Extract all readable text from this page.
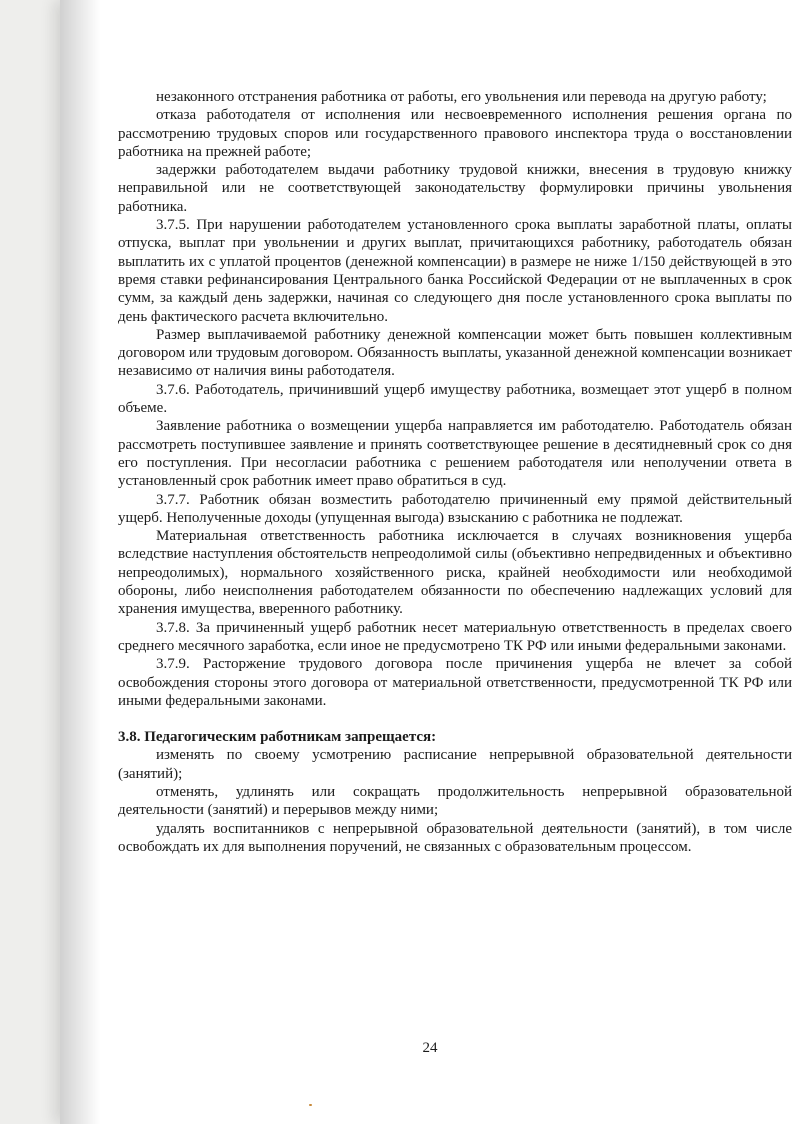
незаконного отстранения работника от работы, его увольнения или перевода на другую работу;

отказа работодателя от исполнения или несвоевременного исполнения решения органа по рассмотрению трудовых споров или государственного правового инспектора труда о восстановлении работника на прежней работе;

задержки работодателем выдачи работнику трудовой книжки, внесения в трудовую книжку неправильной или не соответствующей законодательству формулировки причины увольнения работника.

3.7.5. При нарушении работодателем установленного срока выплаты заработной платы, оплаты отпуска, выплат при увольнении и других выплат, причитающихся работнику, работодатель обязан выплатить их с уплатой процентов (денежной компенсации) в размере не ниже 1/150 действующей в это время ставки рефинансирования Центрального банка Российской Федерации от не выплаченных в срок сумм, за каждый день задержки, начиная со следующего дня после установленного срока выплаты по день фактического расчета включительно.

Размер выплачиваемой работнику денежной компенсации может быть повышен коллективным договором или трудовым договором. Обязанность выплаты, указанной денежной компенсации возникает независимо от наличия вины работодателя.

3.7.6. Работодатель, причинивший ущерб имуществу работника, возмещает этот ущерб в полном объеме.

Заявление работника о возмещении ущерба направляется им работодателю. Работодатель обязан рассмотреть поступившее заявление и принять соответствующее решение в десятидневный срок со дня его поступления. При несогласии работника с решением работодателя или неполучении ответа в установленный срок работник имеет право обратиться в суд.

3.7.7. Работник обязан возместить работодателю причиненный ему прямой действительный ущерб. Неполученные доходы (упущенная выгода) взысканию с работника не подлежат.

Материальная ответственность работника исключается в случаях возникновения ущерба вследствие наступления обстоятельств непреодолимой силы (объективно непредвиденных и объективно непреодолимых), нормального хозяйственного риска, крайней необходимости или необходимой обороны, либо неисполнения работодателем обязанности по обеспечению надлежащих условий для хранения имущества, вверенного работнику.

3.7.8. За причиненный ущерб работник несет материальную ответственность в пределах своего среднего месячного заработка, если иное не предусмотрено ТК РФ или иными федеральными законами.

3.7.9. Расторжение трудового договора после причинения ущерба не влечет за собой освобождения стороны этого договора от материальной ответственности, предусмотренной ТК РФ или иными федеральными законами.

3.8. Педагогическим работникам запрещается:

изменять по своему усмотрению расписание непрерывной образовательной деятельности (занятий);

отменять, удлинять или сокращать продолжительность непрерывной образовательной деятельности (занятий) и перерывов между ними;

удалять воспитанников с непрерывной образовательной деятельности (занятий), в том числе освобождать их для выполнения поручений, не связанных с образовательным процессом.

24
